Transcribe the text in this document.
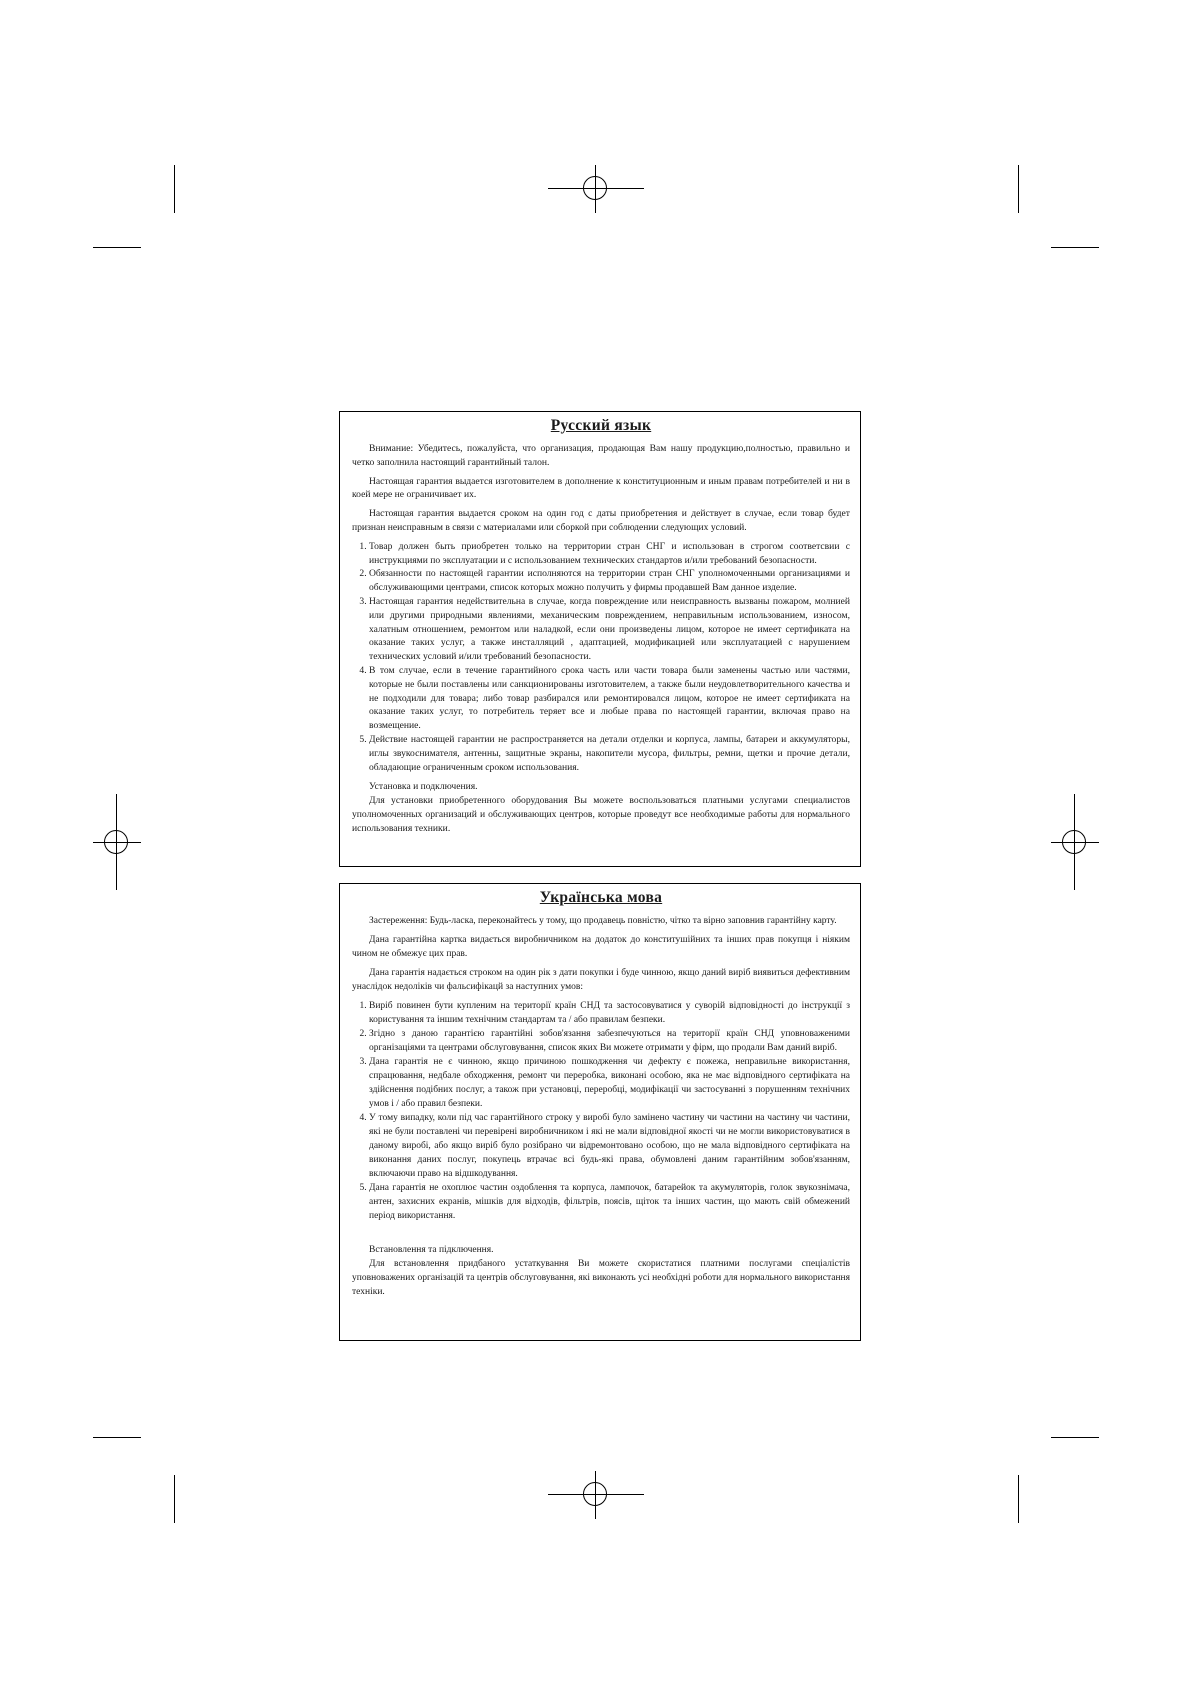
Русский язык

Внимание: Убедитесь, пожалуйста, что организация, продающая Вам нашу продукцию,полностью, правильно и четко заполнила настоящий гарантийный талон.

Настоящая гарантия выдается изготовителем в дополнение к конституционным и иным правам потребителей и ни в коей мере не ограничивает их.

Настоящая гарантия выдается сроком на один год с даты приобретения и действует в случае, если товар будет признан неисправным в связи с материалами или сборкой при соблюдении следующих условий.

1. Товар должен быть приобретен только на территории стран СНГ и использован в строгом соответсвии с инструкциями по эксплуатации и с использованием технических стандартов и/или требований безопасности.
2. Обязанности по настоящей гарантии исполняются на территории стран СНГ уполномоченными организациями и обслуживающими центрами, список которых можно получить у фирмы продавшей Вам данное изделие.
3. Настоящая гарантия недействительна в случае, когда повреждение или неисправность вызваны пожаром, молнией или другими природными явлениями, механическим повреждением, неправильным использованием, износом, халатным отношением, ремонтом или наладкой, если они произведены лицом, которое не имеет сертификата на оказание таких услуг, а также инсталляций , адаптацией, модификацией или эксплуатацией с нарушением технических условий и/или требований безопасности.
4. В том случае, если в течение гарантийного срока часть или части товара были заменены частью или частями, которые не были поставлены или санкционированы изготовителем, а также были неудовлетворительного качества и не подходили для товара; либо товар разбирался или ремонтировался лицом, которое не имеет сертификата на оказание таких услуг, то потребитель теряет все и любые права по настоящей гарантии, включая право на возмещение.
5. Действие настоящей гарантии не распространяется на детали отделки и корпуса, лампы, батареи и аккумуляторы, иглы звукоснимателя, антенны, защитные экраны, накопители мусора, фильтры, ремни, щетки и прочие детали, обладающие ограниченным сроком использования.

Установка и подключения.

Для установки приобретенного оборудования Вы можете воспользоваться платными услугами специалистов уполномоченных организаций и обслуживающих центров, которые проведут все необходимые работы для нормального использования техники.

Українська мова

Застереження: Будь-ласка, переконайтесь у тому, що продавець повністю, чітко та вірно заповнив гарантійну карту.

Дана гарантійна картка видається виробничником на додаток до конститушійних та інших прав покупця і ніяким чином не обмежує цих прав.

Дана гарантія надається строком на один рік з дати покупки і буде чинною, якщо даний виріб виявиться дефективним унаслідок недоліків чи фальсифікацй за наступних умов:

1. Виріб повинен бути купленим на території країн СНД та застосовуватися у суворій відповідності до інструкції з користування та іншим технічним стандартам та / або правилам безпеки.
2. Згідно з даною гарантією гарантійні зобов'язання забезпечуються на території країн СНД уповноваженими організаціями та центрами обслуговування, список яких Ви можете отримати у фірм, що продали Вам даний виріб.
3. Дана гарантія не є чинною, якщо причиною пошкодження чи дефекту є пожежа, неправильне використання, спрацювання, недбале обходження, ремонт чи переробка, виконані особою, яка не має відповідного сертифіката на здійснення подібних послуг, а також при установці, переробці, модифікації чи застосуванні з порушенням технічних умов і / або правил безпеки.
4. У тому випадку, коли під час гарантійного строку у виробі було замінено частину чи частини на частину чи частини, які не були поставлені чи перевірені виробничником і які не мали відповідної якості чи не могли використовуватися в даному виробі, або якщо виріб було розібрано чи відремонтовано особою, що не мала відповідного сертифіката на виконання даних послуг, покупець втрачає всі будь-які права, обумовлені даним гарантійним зобов'язанням, включаючи право на відшкодування.
5. Дана гарантія не охоплює частин оздоблення та корпуса, лампочок, батарейок та акумуляторів, голок звукознімача, антен, захисних екранів, мішків для відходів, фільтрів, поясів, щіток та інших частин, що мають свій обмежений період використання.

Встановлення та підключення.

Для встановлення придбаного устаткування Ви можете скористатися платними послугами спеціалістів уповноважених організацій та центрів обслуговування, які виконають усі необхідні роботи для нормального використання техніки.
